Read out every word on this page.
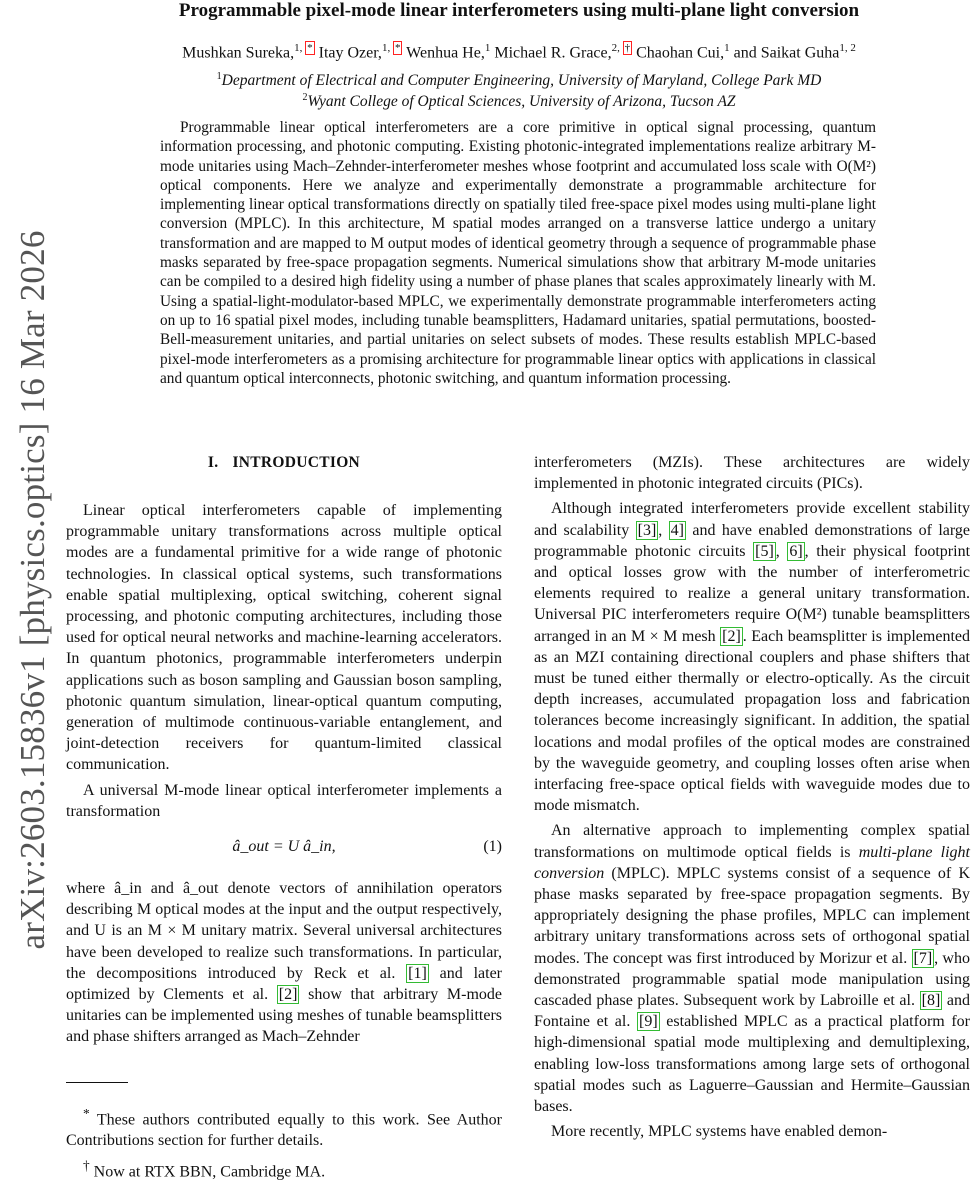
arXiv:2603.15836v1 [physics.optics] 16 Mar 2026
Programmable pixel-mode linear interferometers using multi-plane light conversion
Mushkan Sureka,$^{1,}$ * Itay Ozer,$^{1,}$ * Wenhua He,$^1$ Michael R. Grace,$^{2,}$ † Chaohan Cui,$^1$ and Saikat Guha$^{1, 2}$
$^1$Department of Electrical and Computer Engineering, University of Maryland, College Park MD
$^2$Wyant College of Optical Sciences, University of Arizona, Tucson AZ

Programmable linear optical interferometers are a core primitive in optical signal processing, quantum information processing, and photonic computing. Existing photonic-integrated implementations realize arbitrary M-mode unitaries using Mach–Zehnder-interferometer meshes whose footprint and accumulated loss scale with O(M²) optical components. Here we analyze and experimentally demonstrate a programmable architecture for implementing linear optical transformations directly on spatially tiled free-space pixel modes using multi-plane light conversion (MPLC). In this architecture, M spatial modes arranged on a transverse lattice undergo a unitary transformation and are mapped to M output modes of identical geometry through a sequence of programmable phase masks separated by free-space propagation segments. Numerical simulations show that arbitrary M-mode unitaries can be compiled to a desired high fidelity using a number of phase planes that scales approximately linearly with M. Using a spatial-light-modulator-based MPLC, we experimentally demonstrate programmable interferometers acting on up to 16 spatial pixel modes, including tunable beamsplitters, Hadamard unitaries, spatial permutations, boosted-Bell-measurement unitaries, and partial unitaries on select subsets of modes. These results establish MPLC-based pixel-mode interferometers as a promising architecture for programmable linear optics with applications in classical and quantum optical interconnects, photonic switching, and quantum information processing.

I. INTRODUCTION

Linear optical interferometers capable of implementing programmable unitary transformations across multiple optical modes are a fundamental primitive for a wide range of photonic technologies. In classical optical systems, such transformations enable spatial multiplexing, optical switching, coherent signal processing, and photonic computing architectures, including those used for optical neural networks and machine-learning accelerators. In quantum photonics, programmable interferometers underpin applications such as boson sampling and Gaussian boson sampling, photonic quantum simulation, linear-optical quantum computing, generation of multimode continuous-variable entanglement, and joint-detection receivers for quantum-limited classical communication.

A universal M-mode linear optical interferometer implements a transformation

â_out = U â_in,	(1)

where â_in and â_out denote vectors of annihilation operators describing M optical modes at the input and the output respectively, and U is an M × M unitary matrix. Several universal architectures have been developed to realize such transformations. In particular, the decompositions introduced by Reck et al. [1] and later optimized by Clements et al. [2] show that arbitrary M-mode unitaries can be implemented using meshes of tunable beamsplitters and phase shifters arranged as Mach–Zehnder

* These authors contributed equally to this work. See Author Contributions section for further details.

† Now at RTX BBN, Cambridge MA.

interferometers (MZIs). These architectures are widely implemented in photonic integrated circuits (PICs).

Although integrated interferometers provide excellent stability and scalability [3] , 4] and have enabled demonstrations of large programmable photonic circuits [5] , 6] , their physical footprint and optical losses grow with the number of interferometric elements required to realize a general unitary transformation. Universal PIC interferometers require O(M²) tunable beamsplitters arranged in an M × M mesh [2] . Each beamsplitter is implemented as an MZI containing directional couplers and phase shifters that must be tuned either thermally or electro-optically. As the circuit depth increases, accumulated propagation loss and fabrication tolerances become increasingly significant. In addition, the spatial locations and modal profiles of the optical modes are constrained by the waveguide geometry, and coupling losses often arise when interfacing free-space optical fields with waveguide modes due to mode mismatch.

An alternative approach to implementing complex spatial transformations on multimode optical fields is multi-plane light conversion (MPLC). MPLC systems consist of a sequence of K phase masks separated by free-space propagation segments. By appropriately designing the phase profiles, MPLC can implement arbitrary unitary transformations across sets of orthogonal spatial modes. The concept was first introduced by Morizur et al. [7] , who demonstrated programmable spatial mode manipulation using cascaded phase plates. Subsequent work by Labroille et al. [8] and Fontaine et al. [9] established MPLC as a practical platform for high-dimensional spatial mode multiplexing and demultiplexing, enabling low-loss transformations among large sets of orthogonal spatial modes such as Laguerre–Gaussian and Hermite–Gaussian bases.

More recently, MPLC systems have enabled demon-
